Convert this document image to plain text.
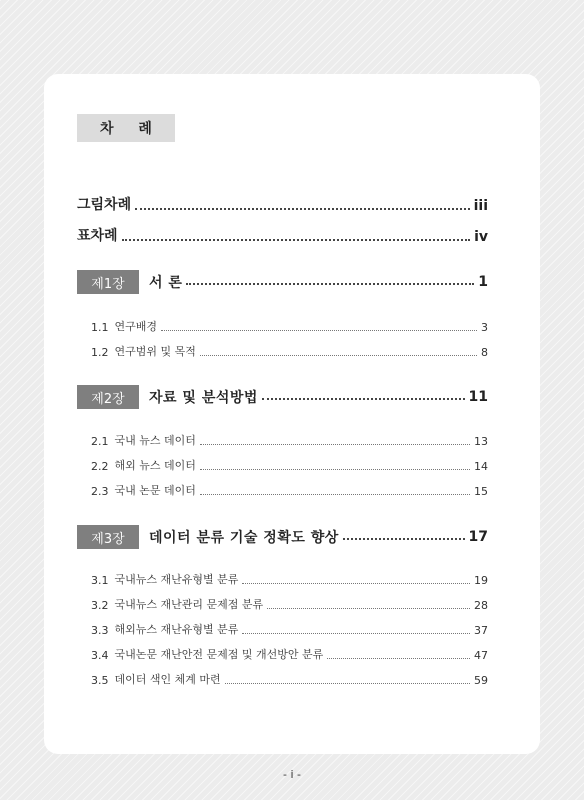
차 례
그림차례	iii
표차례	iv
제1장	서 론	1
1.1 연구배경	3
1.2 연구범위 및 목적	8
제2장	자료 및 분석방법	11
2.1 국내 뉴스 데이터	13
2.2 해외 뉴스 데이터	14
2.3 국내 논문 데이터	15
제3장	데이터 분류 기술 정확도 향상	17
3.1 국내뉴스 재난유형별 분류	19
3.2 국내뉴스 재난관리 문제점 분류	28
3.3 해외뉴스 재난유형별 분류	37
3.4 국내논문 재난안전 문제점 및 개선방안 분류	47
3.5 데이터 색인 체계 마련	59
- i -
